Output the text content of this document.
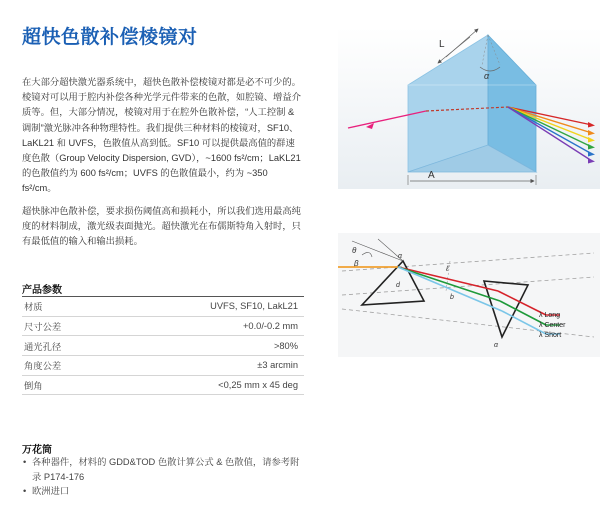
超快色散补偿棱镜对

在大部分超快激光器系统中，超快色散补偿棱镜对都是必不可少的。棱镜对可以用于腔内补偿各种光学元件带来的色散，如腔镜、增益介质等。但，大部分情况，棱镜对用于在腔外色散补偿，“人工控制 & 调制”激光脉冲各种物理特性。我们提供三种材料的棱镜对，SF10、LaKL21 和 UVFS，色散值从高到低。SF10 可以提供最高值的群速度色散（Group Velocity Dispersion, GVD），~1600 fs²/cm；LaKL21 的色散值约为 600 fs²/cm；UVFS 的色散值最小，约为 ~350 fs²/cm。

超快脉冲色散补偿，要求损伤阈值高和损耗小，所以我们选用最高纯度的材料制成，激光级表面抛光。超快激光在布儒斯特角入射时，只有最低值的输入和输出损耗。

产品参数
材质	UVFS, SF10, LakL21
尺寸公差	+0.0/-0.2 mm
通光孔径	>80%
角度公差	±3 arcmin
倒角	<0,25 mm x 45 deg
万花筒
• 各种器件，材料的 GDD&TOD 色散计算公式 & 色散值，请参考附录 P174-176
• 欧洲进口
L
α
A
θ
β
α
ℓ
d
b
α
λ Long
λ Center
λ Short
